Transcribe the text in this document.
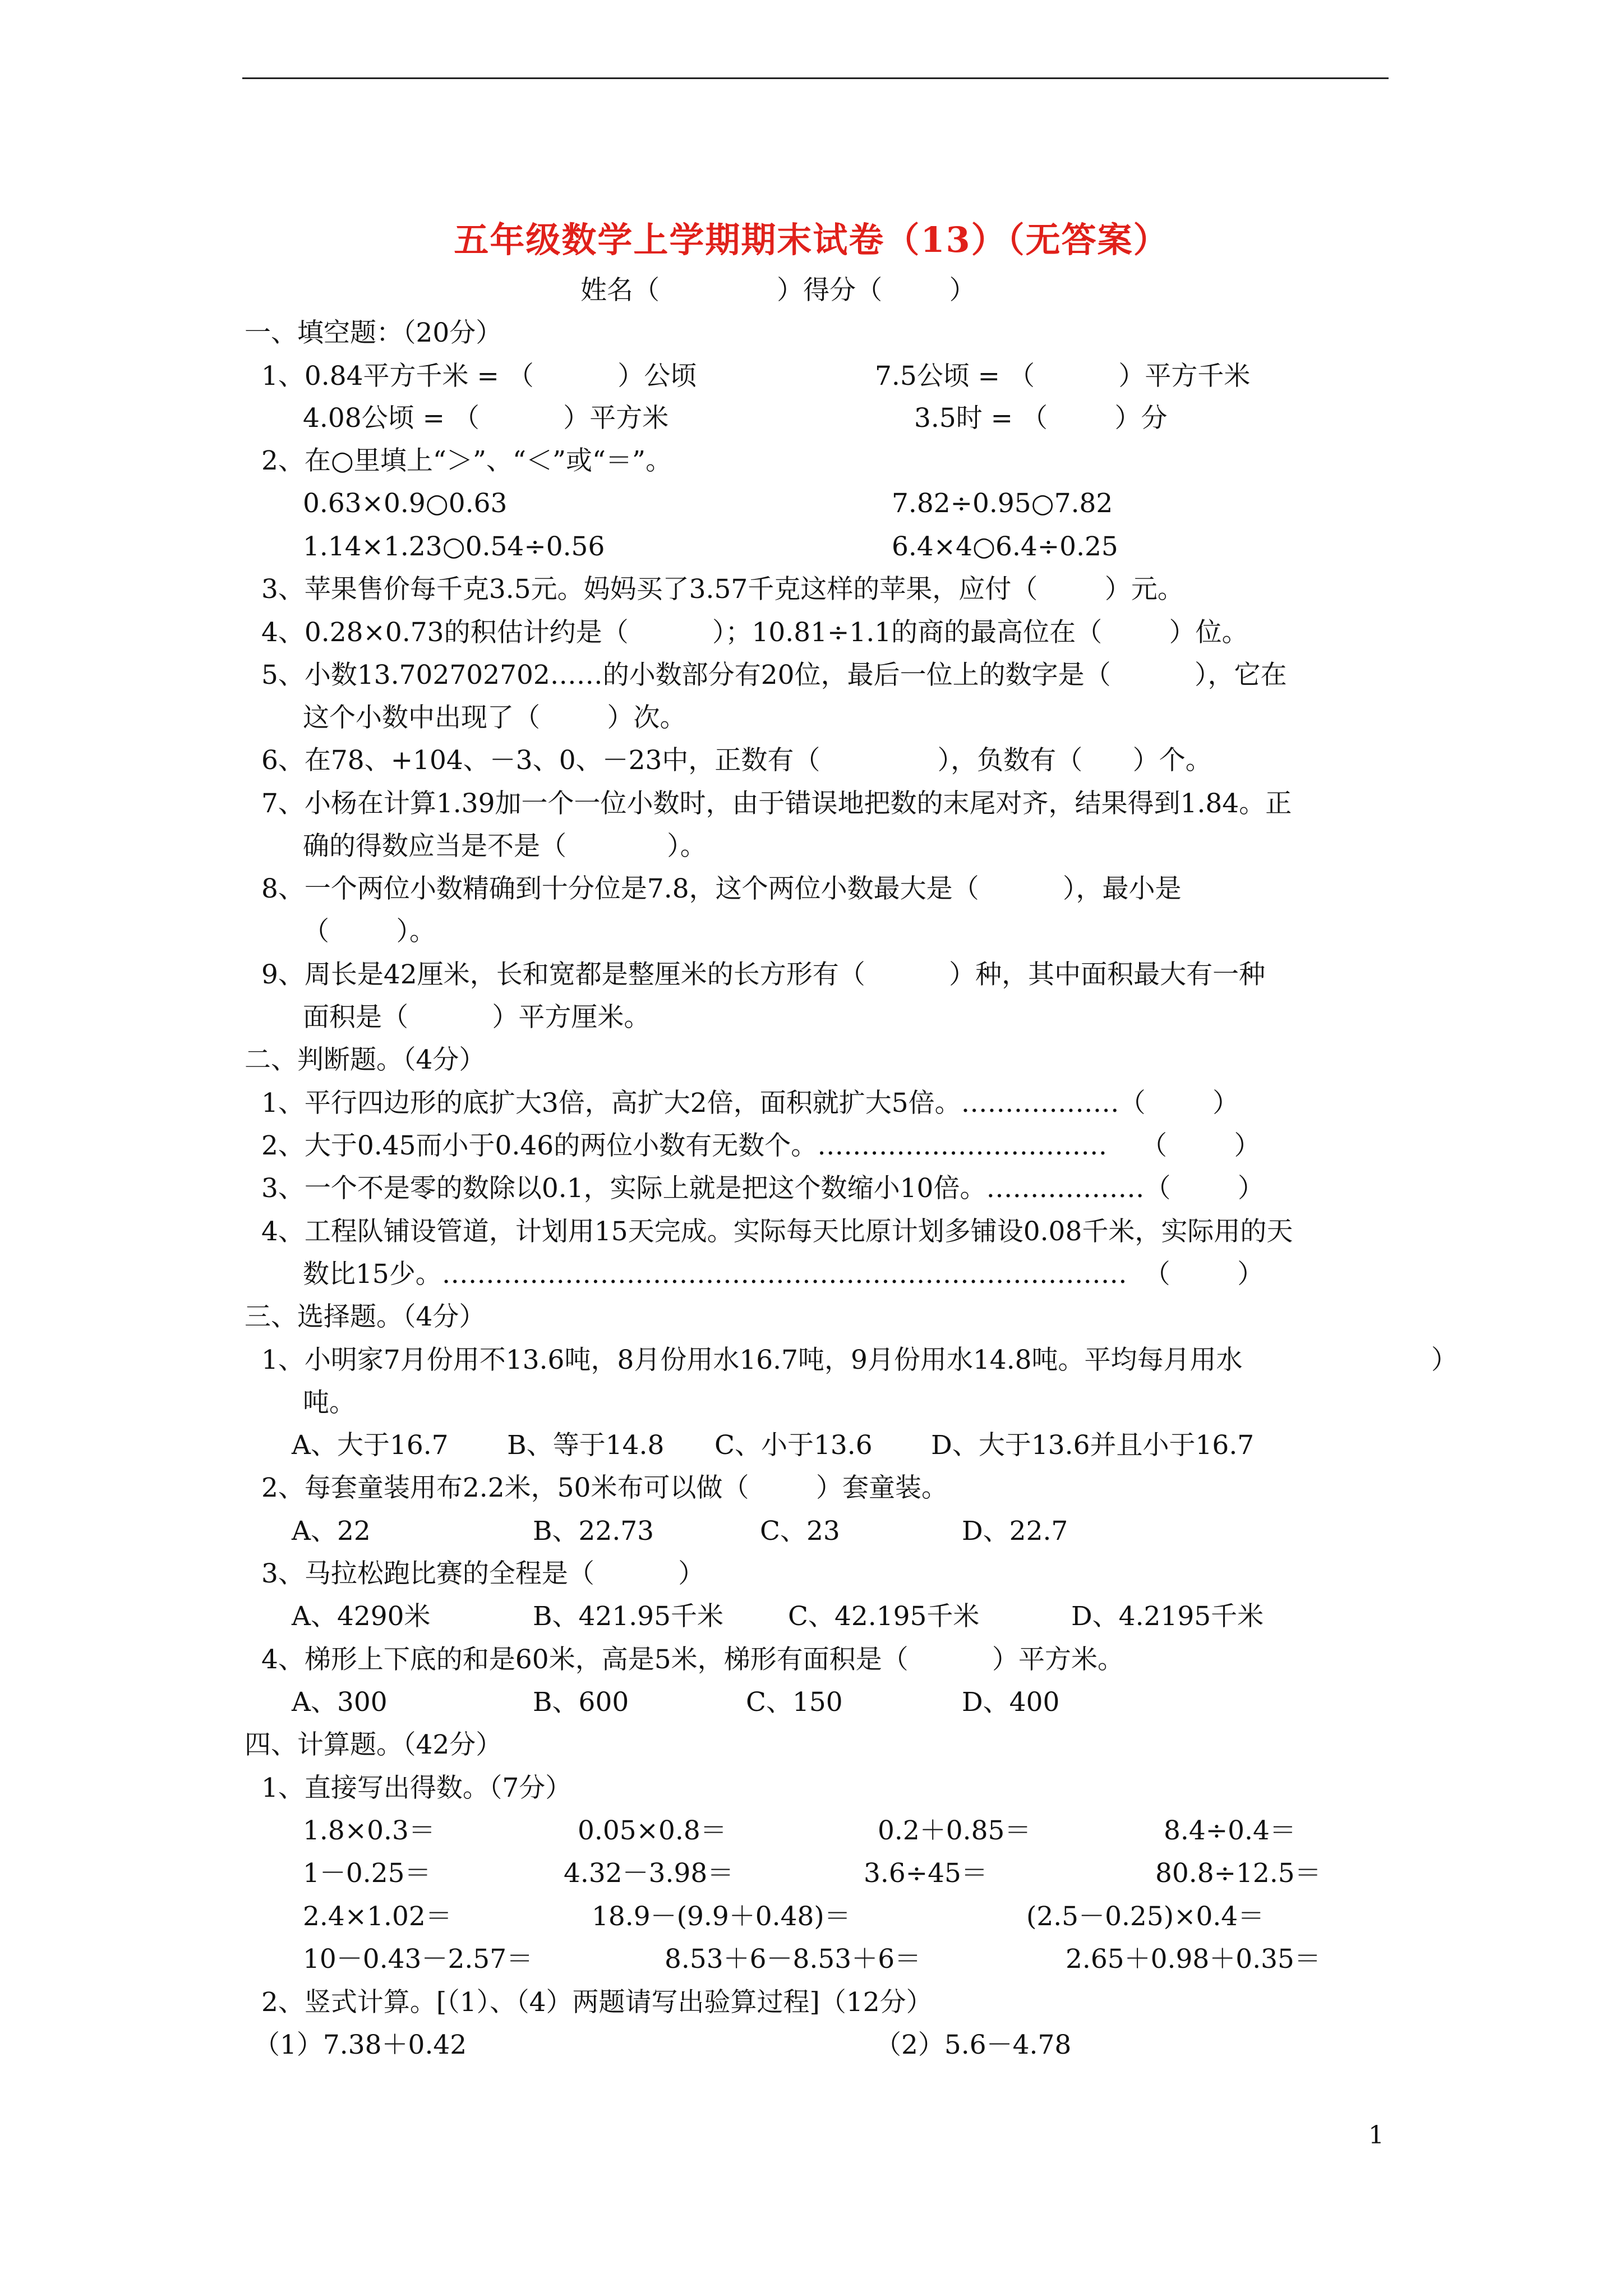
五年级数学上学期期末试卷（13）（无答案）
姓名（              ）得分（        ）
一、填空题：（20分）
1、0.84平方千米 = （          ）公顷	7.5公顷 = （          ）平方千米
4.08公顷 = （          ）平方米	3.5时 = （        ）分
2、在○里填上“＞”、“＜”或“＝”。
0.63×0.9○0.63	7.82÷0.95○7.82
1.14×1.23○0.54÷0.56	6.4×4○6.4÷0.25
3、苹果售价每千克3.5元。妈妈买了3.57千克这样的苹果，应付（        ）元。
4、0.28×0.73的积估计约是（          ）；10.81÷1.1的商的最高位在（        ）位。
5、小数13.702702702……的小数部分有20位，最后一位上的数字是（          ），它在
这个小数中出现了（        ）次。
6、在78、+104、－3、0、－23中，正数有（              ），负数有（      ）个。
7、小杨在计算1.39加一个一位小数时，由于错误地把数的末尾对齐，结果得到1.84。正
确的得数应当是不是（            ）。
8、一个两位小数精确到十分位是7.8，这个两位小数最大是（          ），最小是
（        ）。
9、周长是42厘米，长和宽都是整厘米的长方形有（          ）种，其中面积最大有一种
面积是（          ）平方厘米。
二、判断题。（4分）
1、平行四边形的底扩大3倍，高扩大2倍，面积就扩大5倍。………………（        ）
2、大于0.45而小于0.46的两位小数有无数个。……………………………    （        ）
3、一个不是零的数除以0.1，实际上就是把这个数缩小10倍。………………（        ）
4、工程队铺设管道，计划用15天完成。实际每天比原计划多铺设0.08千米，实际用的天
数比15少。……………………………………………………………………  （        ）
三、选择题。（4分）
1、小明家7月份用不13.6吨，8月份用水16.7吨，9月份用水14.8吨。平均每月用水	）
吨。
A、大于16.7       B、等于14.8      C、小于13.6       D、大于13.6并且小于16.7
2、每套童装用布2.2米，50米布可以做（        ）套童装。
A、22	B、22.73	C、23	D、22.7
3、马拉松跑比赛的全程是（          ）
A、4290米	B、421.95千米 C、42.195千米	D、4.2195千米
4、梯形上下底的和是60米，高是5米，梯形有面积是（          ）平方米。
A、300	B、600	C、150	D、400
四、计算题。（42分）
1、直接写出得数。（7分）
1.8×0.3＝	0.05×0.8＝	0.2＋0.85＝	8.4÷0.4＝
1－0.25＝	4.32－3.98＝	3.6÷45＝	80.8÷12.5＝
2.4×1.02＝	18.9－(9.9＋0.48)＝	(2.5－0.25)×0.4＝
10－0.43－2.57＝	8.53＋6－8.53＋6＝	2.65＋0.98＋0.35＝
2、竖式计算。[（1）、（4）两题请写出验算过程]（12分）
（1）7.38＋0.42	（2）5.6－4.78
1
